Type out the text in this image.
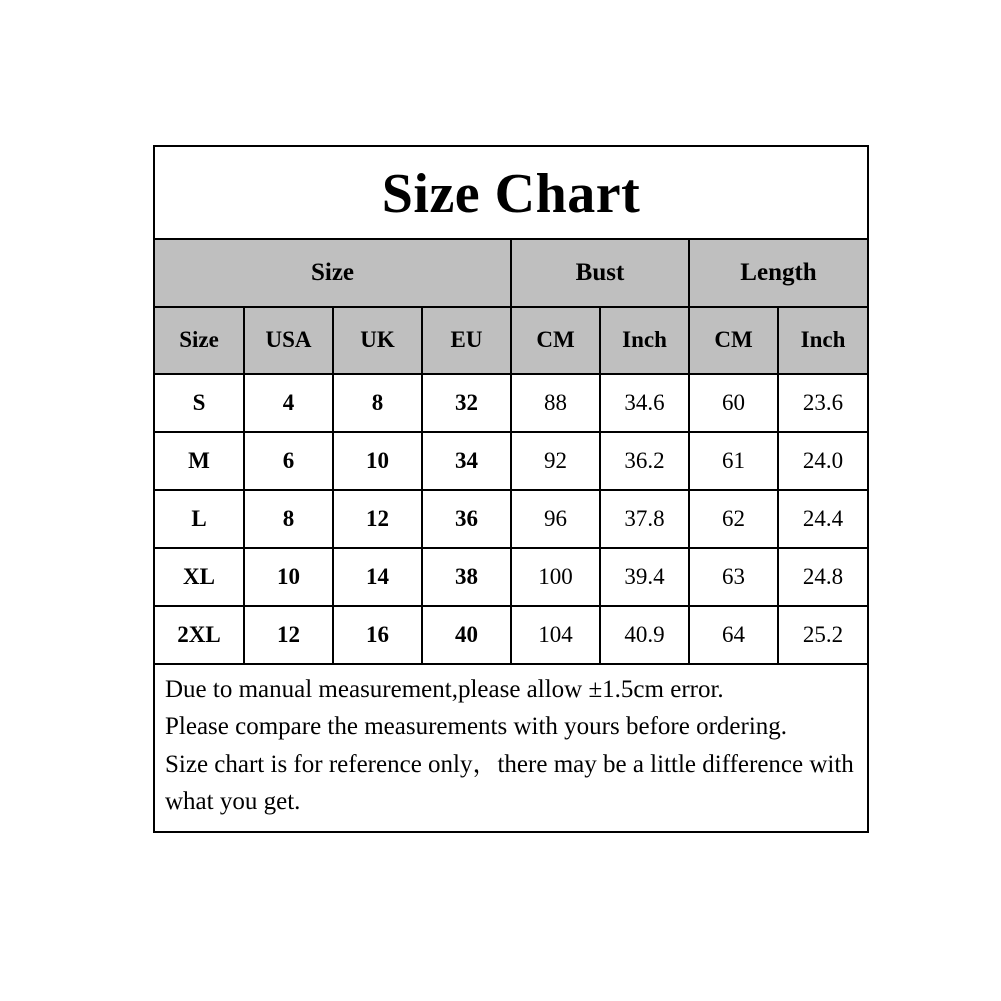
Size Chart
Size				Bust		Length	
Size	USA	UK	EU	CM	Inch	CM	Inch
S	4	8	32	88	34.6	60	23.6
M	6	10	34	92	36.2	61	24.0
L	8	12	36	96	37.8	62	24.4
XL	10	14	38	100	39.4	63	24.8
2XL	12	16	40	104	40.9	64	25.2

Due to manual measurement,please allow ±1.5cm error.

Please compare the measurements with yours before ordering.

Size chart is for reference only，there may be a little difference with what you get.
